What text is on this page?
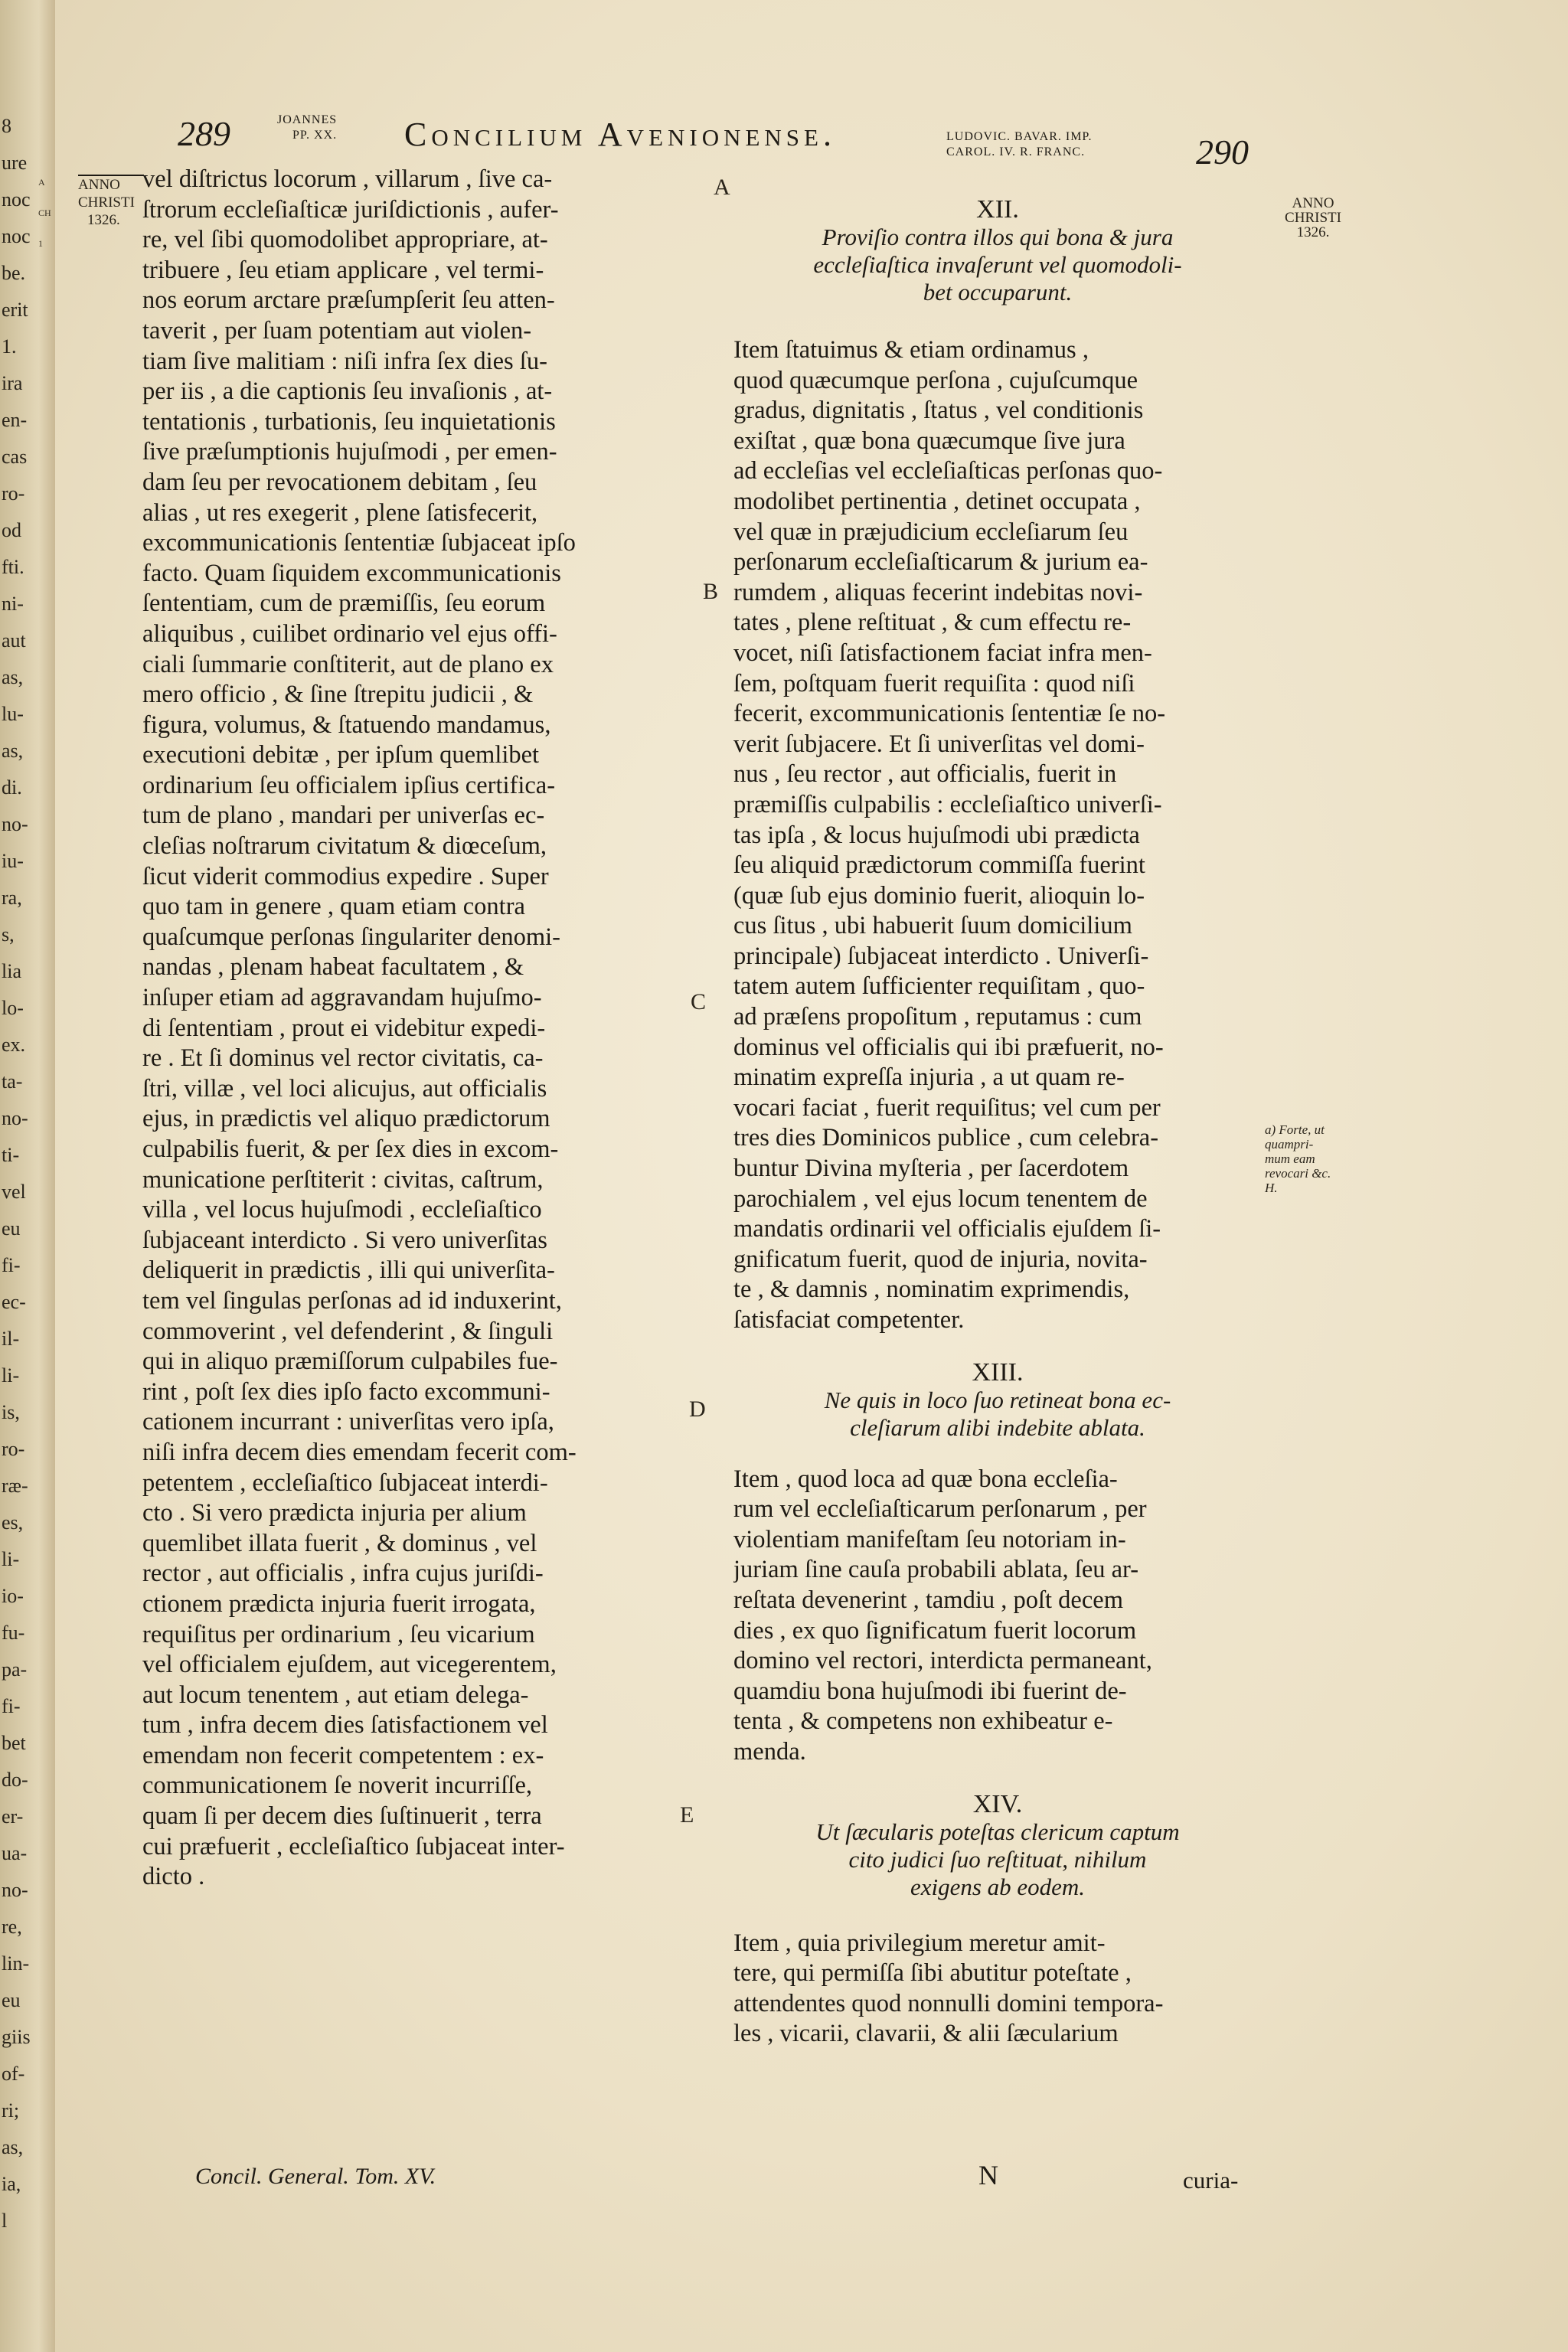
8
ure
noc
noc
be.
erit
1.
ira
en-
cas
ro-
od
fti.
ni-
aut
as,
lu-
as,
di.
no-
iu-
ra,
s,
lia
lo-
ex.
ta-
no-
ti-
vel
eu
fi-
ec-
il-
li-
is,
ro-
ræ-
es,
li-
io-
fu-
pa-
fi-
bet
do-
er-
ua-
no-
re,
lin-
eu
giis
of-
ri;
as,
ia,
l
A
CH
1
289	JOANNES
PP. XX. Concilium Avenionense.	LUDOVIC. BAVAR. IMP.
CAROL. IV. R. FRANC.	290
ANNO
CHRISTI
1326.
ANNO
CHRISTI
1326.
a) Forte, ut
quampri-
mum eam
revocari &c.
H.
A
B
C
D
E
vel diſtrictus locorum , villarum , ſive ca-
ſtrorum eccleſiaſticæ juriſdictionis , aufer-
re, vel ſibi quomodolibet appropriare, at-
tribuere , ſeu etiam applicare , vel termi-
nos eorum arctare præſumpſerit ſeu atten-
taverit , per ſuam potentiam aut violen-
tiam ſive malitiam : niſi infra ſex dies ſu-
per iis , a die captionis ſeu invaſionis , at-
tentationis , turbationis, ſeu inquietationis
ſive præſumptionis hujuſmodi , per emen-
dam ſeu per revocationem debitam , ſeu
alias , ut res exegerit , plene ſatisfecerit,
excommunicationis ſententiæ ſubjaceat ipſo
facto. Quam ſiquidem excommunicationis
ſententiam, cum de præmiſſis, ſeu eorum
aliquibus , cuilibet ordinario vel ejus offi-
ciali ſummarie conſtiterit, aut de plano ex
mero officio , & ſine ſtrepitu judicii , &
figura, volumus, & ſtatuendo mandamus,
executioni debitæ , per ipſum quemlibet
ordinarium ſeu officialem ipſius certifica-
tum de plano , mandari per univerſas ec-
cleſias noſtrarum civitatum & diœceſum,
ſicut viderit commodius expedire . Super
quo tam in genere , quam etiam contra
quaſcumque perſonas ſingulariter denomi-
nandas , plenam habeat facultatem , &
inſuper etiam ad aggravandam hujuſmo-
di ſententiam , prout ei videbitur expedi-
re . Et ſi dominus vel rector civitatis, ca-
ſtri, villæ , vel loci alicujus, aut officialis
ejus, in prædictis vel aliquo prædictorum
culpabilis fuerit, & per ſex dies in excom-
municatione perſtiterit : civitas, caſtrum,
villa , vel locus hujuſmodi , eccleſiaſtico
ſubjaceant interdicto . Si vero univerſitas
deliquerit in prædictis , illi qui univerſita-
tem vel ſingulas perſonas ad id induxerint,
commoverint , vel defenderint , & ſinguli
qui in aliquo præmiſſorum culpabiles fue-
rint , poſt ſex dies ipſo facto excommuni-
cationem incurrant : univerſitas vero ipſa,
niſi infra decem dies emendam fecerit com-
petentem , eccleſiaſtico ſubjaceat interdi-
cto . Si vero prædicta injuria per alium
quemlibet illata fuerit , & dominus , vel
rector , aut officialis , infra cujus juriſdi-
ctionem prædicta injuria fuerit irrogata,
requiſitus per ordinarium , ſeu vicarium
vel officialem ejuſdem, aut vicegerentem,
aut locum tenentem , aut etiam delega-
tum , infra decem dies ſatisfactionem vel
emendam non fecerit competentem : ex-
communicationem ſe noverit incurriſſe,
quam ſi per decem dies ſuſtinuerit , terra
cui præfuerit , eccleſiaſtico ſubjaceat inter-
dicto .
XII.
Proviſio contra illos qui bona & jura
eccleſiaſtica invaſerunt vel quomodoli-
bet occuparunt.
Item ſtatuimus & etiam ordinamus ,
quod quæcumque perſona , cujuſcumque
gradus, dignitatis , ſtatus , vel conditionis
exiſtat , quæ bona quæcumque ſive jura
ad eccleſias vel eccleſiaſticas perſonas quo-
modolibet pertinentia , detinet occupata ,
vel quæ in præjudicium eccleſiarum ſeu
perſonarum eccleſiaſticarum & jurium ea-
rumdem , aliquas fecerint indebitas novi-
tates , plene reſtituat , & cum effectu re-
vocet, niſi ſatisfactionem faciat infra men-
ſem, poſtquam fuerit requiſita : quod niſi
fecerit, excommunicationis ſententiæ ſe no-
verit ſubjacere. Et ſi univerſitas vel domi-
nus , ſeu rector , aut officialis, fuerit in
præmiſſis culpabilis : eccleſiaſtico univerſi-
tas ipſa , & locus hujuſmodi ubi prædicta
ſeu aliquid prædictorum commiſſa fuerint
(quæ ſub ejus dominio fuerit, alioquin lo-
cus ſitus , ubi habuerit ſuum domicilium
principale) ſubjaceat interdicto . Univerſi-
tatem autem ſufficienter requiſitam , quo-
ad præſens propoſitum , reputamus : cum
dominus vel officialis qui ibi præfuerit, no-
minatim expreſſa injuria , a ut quam re-
vocari faciat , fuerit requiſitus; vel cum per
tres dies Dominicos publice , cum celebra-
buntur Divina myſteria , per ſacerdotem
parochialem , vel ejus locum tenentem de
mandatis ordinarii vel officialis ejuſdem ſi-
gnificatum fuerit, quod de injuria, novita-
te , & damnis , nominatim exprimendis,
ſatisfaciat competenter.
XIII.
Ne quis in loco ſuo retineat bona ec-
cleſiarum alibi indebite ablata.
Item , quod loca ad quæ bona eccleſia-
rum vel eccleſiaſticarum perſonarum , per
violentiam manifeſtam ſeu notoriam in-
juriam ſine cauſa probabili ablata, ſeu ar-
reſtata devenerint , tamdiu , poſt decem
dies , ex quo ſignificatum fuerit locorum
domino vel rectori, interdicta permaneant,
quamdiu bona hujuſmodi ibi fuerint de-
tenta , & competens non exhibeatur e-
menda.
XIV.
Ut ſæcularis poteſtas clericum captum
cito judici ſuo reſtituat, nihilum
exigens ab eodem.
Item , quia privilegium meretur amit-
tere, qui permiſſa ſibi abutitur poteſtate ,
attendentes quod nonnulli domini tempora-
les , vicarii, clavarii, & alii ſæcularium
Concil. General. Tom. XV.	N	curia-
